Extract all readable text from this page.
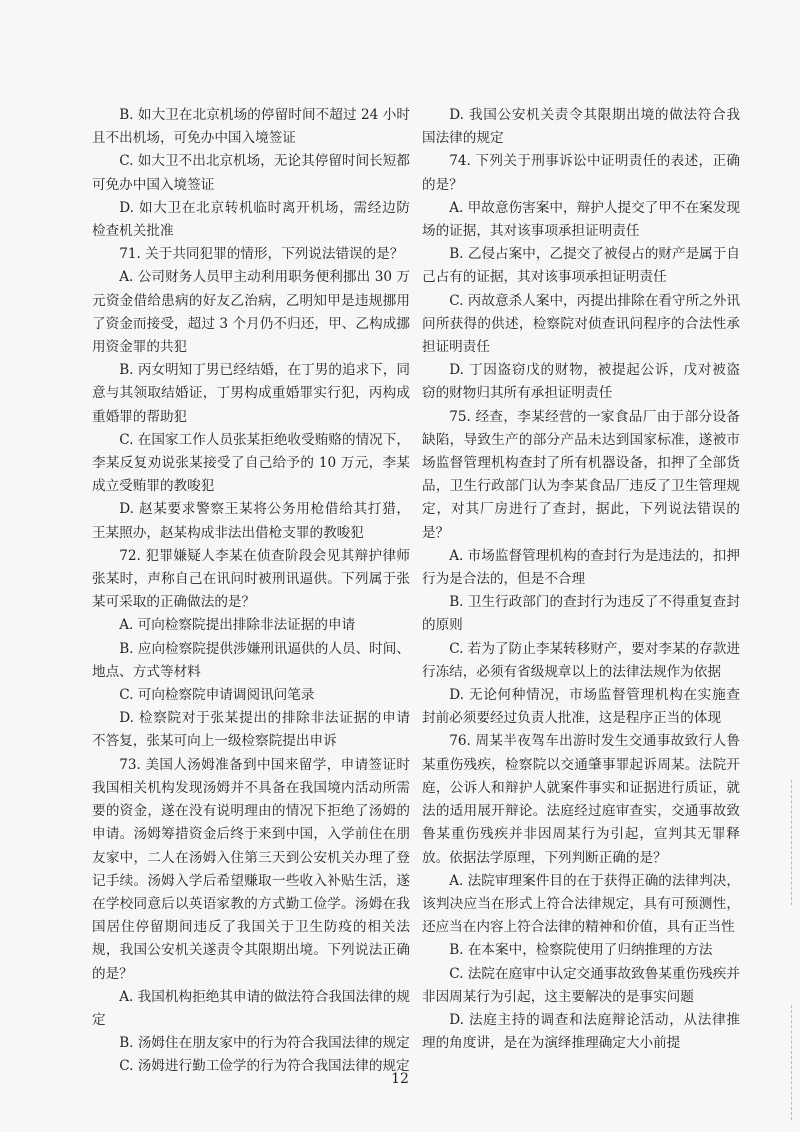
B. 如大卫在北京机场的停留时间不超过 24 小时且不出机场，可免办中国入境签证

C. 如大卫不出北京机场，无论其停留时间长短都可免办中国入境签证

D. 如大卫在北京转机临时离开机场，需经边防检查机关批准

71. 关于共同犯罪的情形，下列说法错误的是？

A. 公司财务人员甲主动利用职务便利挪出 30 万元资金借给患病的好友乙治病，乙明知甲是违规挪用了资金而接受，超过 3 个月仍不归还，甲、乙构成挪用资金罪的共犯

B. 丙女明知丁男已经结婚，在丁男的追求下，同意与其领取结婚证，丁男构成重婚罪实行犯，丙构成重婚罪的帮助犯

C. 在国家工作人员张某拒绝收受贿赂的情况下，李某反复劝说张某接受了自己给予的 10 万元，李某成立受贿罪的教唆犯

D. 赵某要求警察王某将公务用枪借给其打猎，王某照办，赵某构成非法出借枪支罪的教唆犯

72. 犯罪嫌疑人李某在侦查阶段会见其辩护律师张某时，声称自己在讯问时被刑讯逼供。下列属于张某可采取的正确做法的是？

A. 可向检察院提出排除非法证据的申请

B. 应向检察院提供涉嫌刑讯逼供的人员、时间、地点、方式等材料

C. 可向检察院申请调阅讯问笔录

D. 检察院对于张某提出的排除非法证据的申请不答复，张某可向上一级检察院提出申诉

73. 美国人汤姆准备到中国来留学，申请签证时我国相关机构发现汤姆并不具备在我国境内活动所需要的资金，遂在没有说明理由的情况下拒绝了汤姆的申请。汤姆筹措资金后终于来到中国，入学前住在朋友家中，二人在汤姆入住第三天到公安机关办理了登记手续。汤姆入学后希望赚取一些收入补贴生活，遂在学校同意后以英语家教的方式勤工俭学。汤姆在我国居住停留期间违反了我国关于卫生防疫的相关法规，我国公安机关遂责令其限期出境。下列说法正确的是？

A. 我国机构拒绝其申请的做法符合我国法律的规定

B. 汤姆住在朋友家中的行为符合我国法律的规定

C. 汤姆进行勤工俭学的行为符合我国法律的规定

D. 我国公安机关责令其限期出境的做法符合我国法律的规定

74. 下列关于刑事诉讼中证明责任的表述，正确的是？

A. 甲故意伤害案中，辩护人提交了甲不在案发现场的证据，其对该事项承担证明责任

B. 乙侵占案中，乙提交了被侵占的财产是属于自己占有的证据，其对该事项承担证明责任

C. 丙故意杀人案中，丙提出排除在看守所之外讯问所获得的供述，检察院对侦查讯问程序的合法性承担证明责任

D. 丁因盗窃戊的财物，被提起公诉，戊对被盗窃的财物归其所有承担证明责任

75. 经查，李某经营的一家食品厂由于部分设备缺陷，导致生产的部分产品未达到国家标准，遂被市场监督管理机构查封了所有机器设备，扣押了全部货品，卫生行政部门认为李某食品厂违反了卫生管理规定，对其厂房进行了查封，据此，下列说法错误的是？

A. 市场监督管理机构的查封行为是违法的，扣押行为是合法的，但是不合理

B. 卫生行政部门的查封行为违反了不得重复查封的原则

C. 若为了防止李某转移财产，要对李某的存款进行冻结，必须有省级规章以上的法律法规作为依据

D. 无论何种情况，市场监督管理机构在实施查封前必须要经过负责人批准，这是程序正当的体现

76. 周某半夜驾车出游时发生交通事故致行人鲁某重伤残疾，检察院以交通肇事罪起诉周某。法院开庭，公诉人和辩护人就案件事实和证据进行质证，就法的适用展开辩论。法庭经过庭审查实，交通事故致鲁某重伤残疾并非因周某行为引起，宣判其无罪释放。依据法学原理，下列判断正确的是？

A. 法院审理案件目的在于获得正确的法律判决，该判决应当在形式上符合法律规定，具有可预测性，还应当在内容上符合法律的精神和价值，具有正当性

B. 在本案中，检察院使用了归纳推理的方法

C. 法院在庭审中认定交通事故致鲁某重伤残疾并非因周某行为引起，这主要解决的是事实问题

D. 法庭主持的调查和法庭辩论活动，从法律推理的角度讲，是在为演绎推理确定大小前提

12
